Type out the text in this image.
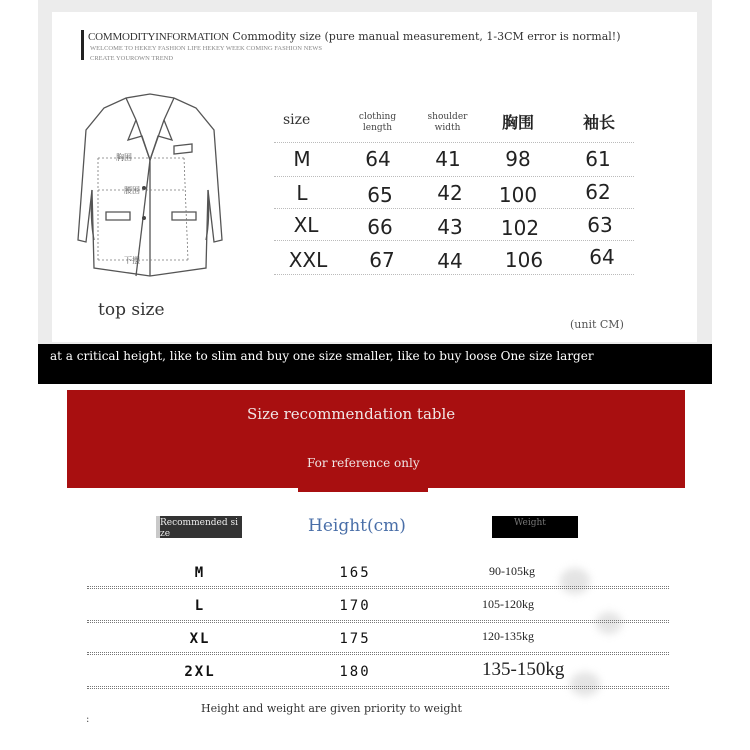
COMMODITYINFORMATION Commodity size (pure manual measurement, 1-3CM error is normal!)
WELCOME TO HEKEY FASHION LIFE HEKEY WEEK COMING FASHION NEWS
CREATE YOUROWN TREND
胸围
腰围
下摆
size	clothing
length
shoulder
width	胸围	袖长
M	64	41	98	61
L	65	42	100	62
XL	66	43	102	63
XXL	67	44	106	64
top size
(unit CM)
at a critical height, like to slim and buy one size smaller, like to buy loose One size larger
Size recommendation table
For reference only
Recommended size	Height(cm)	Weight
M	165	90-105kg
L	170	105-120kg
XL	175	120-135kg
2XL	180	135-150kg
Height and weight are given priority to weight
:
